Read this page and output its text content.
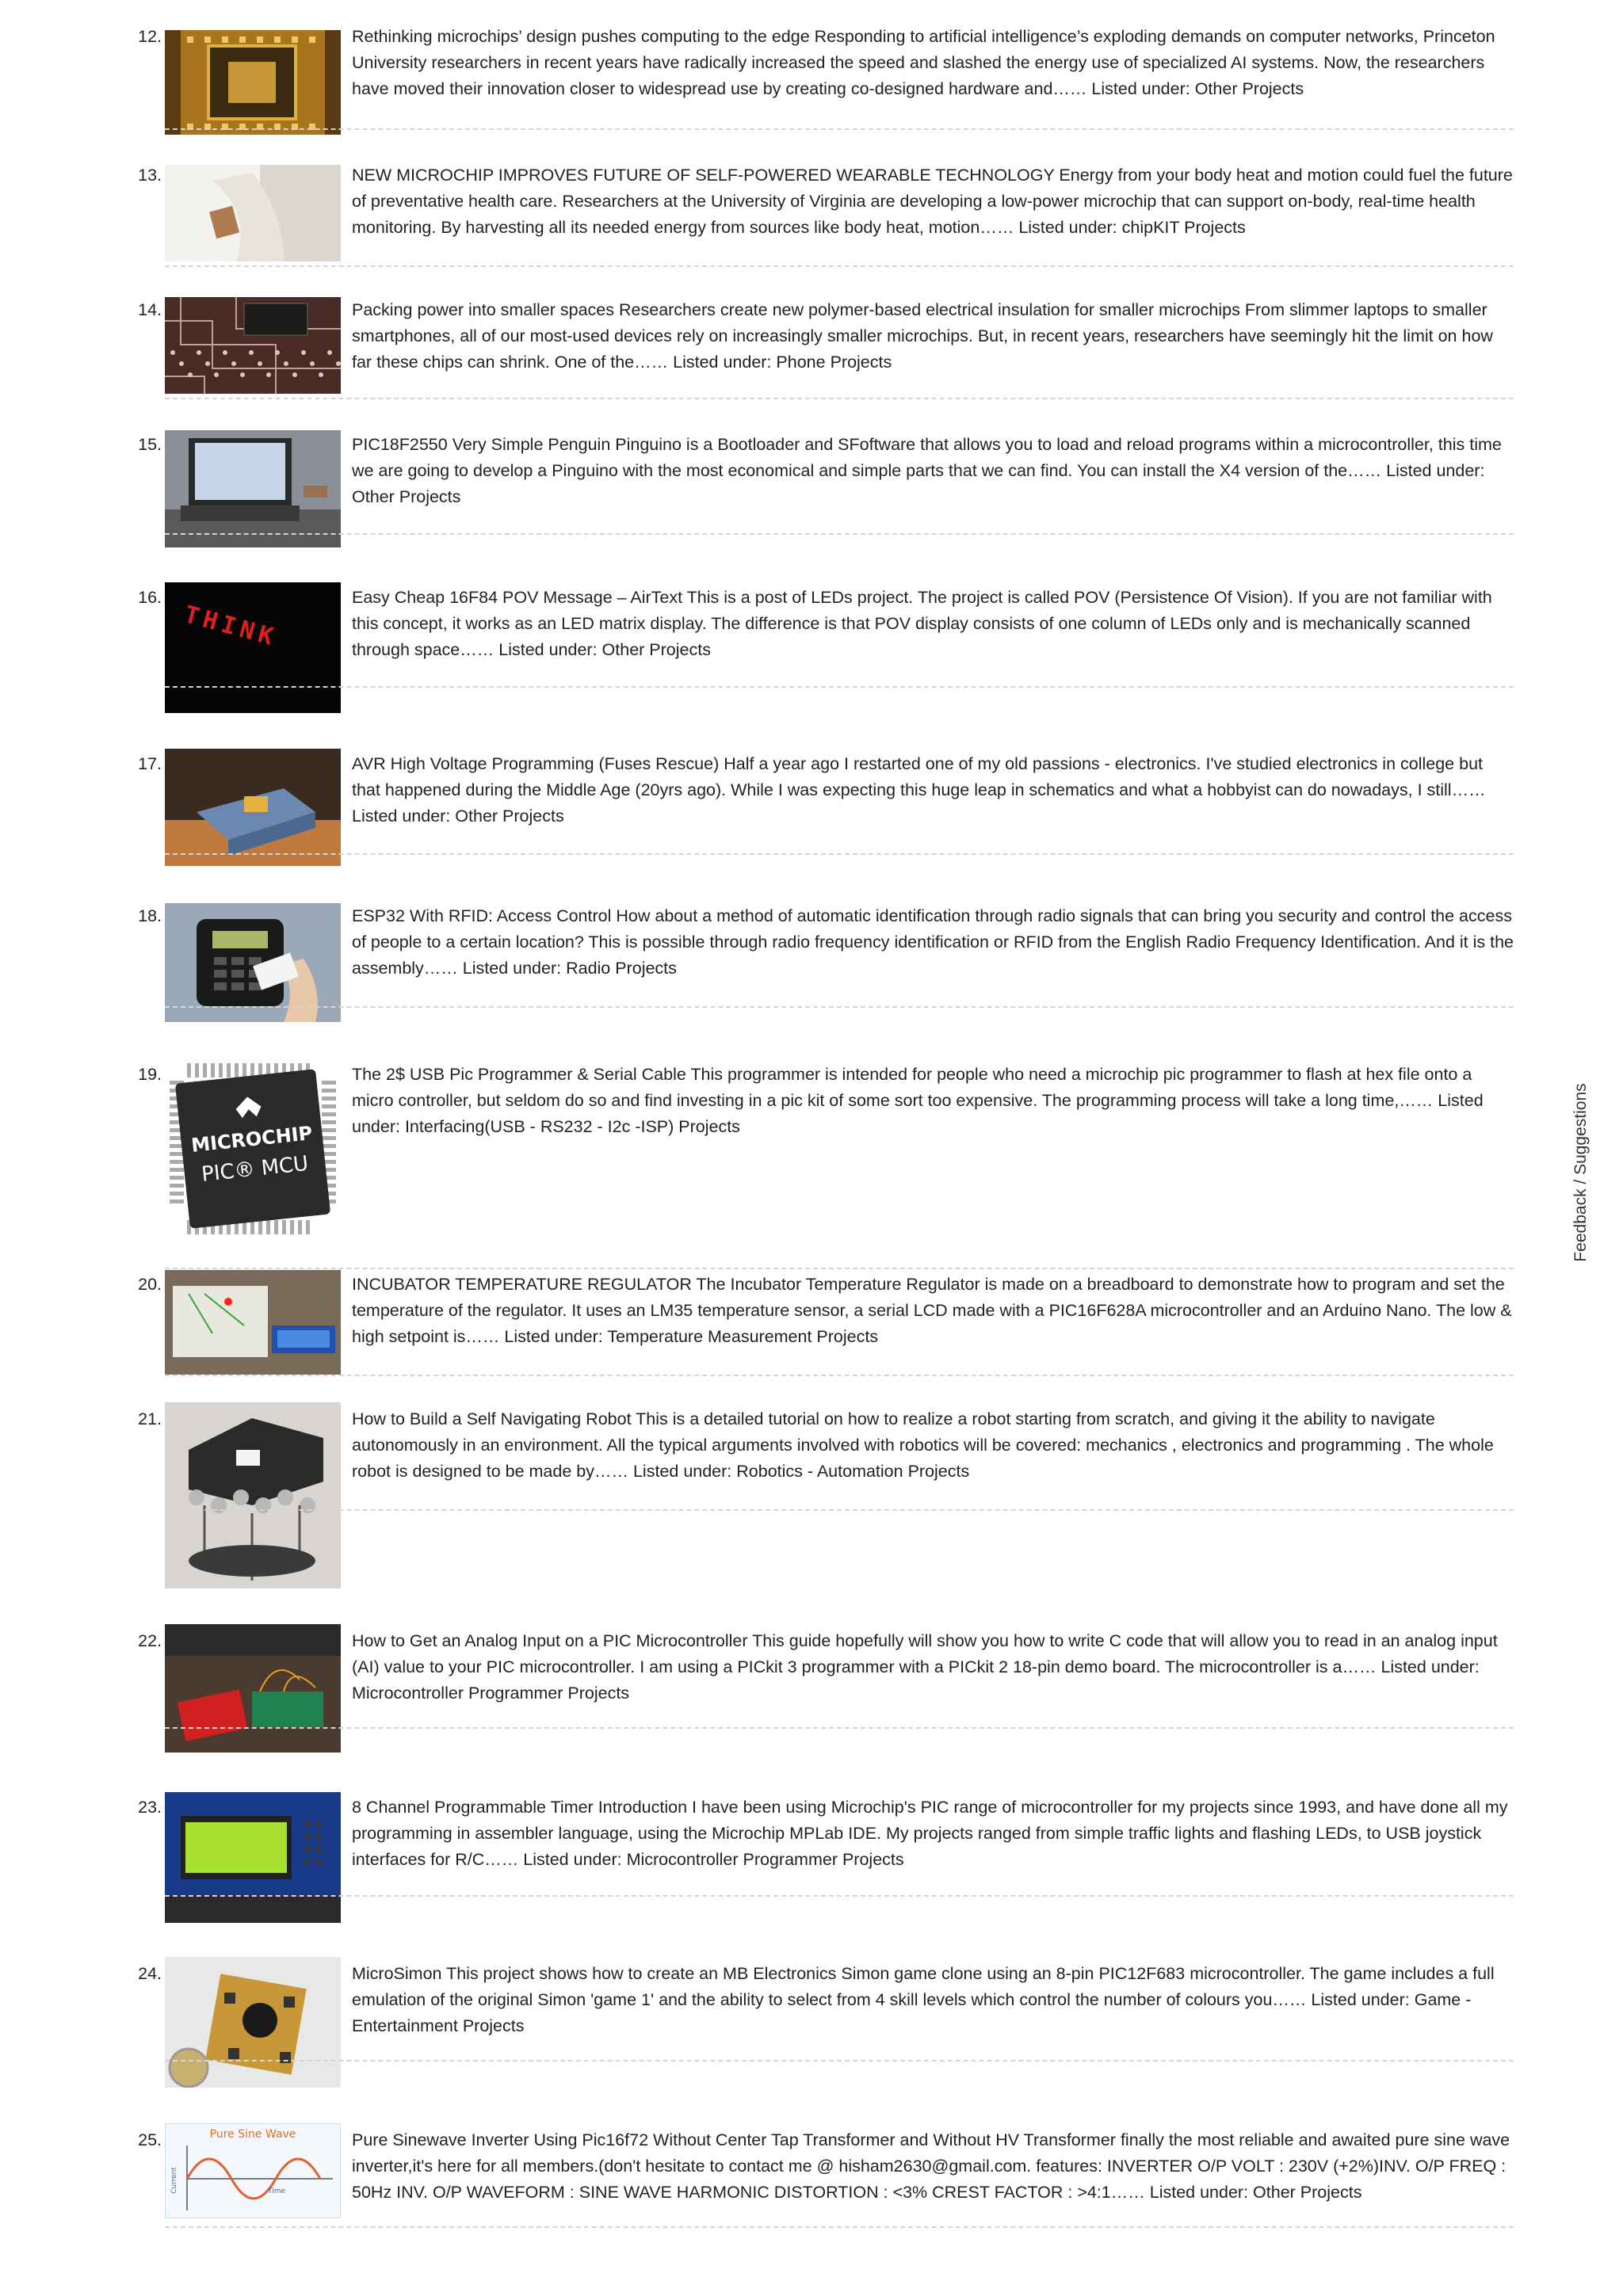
12.	Rethinking microchips’ design pushes computing to the edge Responding to artificial intelligence’s exploding demands on computer networks, Princeton University researchers in recent years have radically increased the speed and slashed the energy use of specialized AI systems. Now, the researchers have moved their innovation closer to widespread use by creating co-designed hardware and…… Listed under: Other Projects

13.	NEW MICROCHIP IMPROVES FUTURE OF SELF-POWERED WEARABLE TECHNOLOGY Energy from your body heat and motion could fuel the future of preventative health care. Researchers at the University of Virginia are developing a low-power microchip that can support on-body, real-time health monitoring. By harvesting all its needed energy from sources like body heat, motion…… Listed under: chipKIT Projects

14.	Packing power into smaller spaces Researchers create new polymer-based electrical insulation for smaller microchips From slimmer laptops to smaller smartphones, all of our most-used devices rely on increasingly smaller microchips. But, in recent years, researchers have seemingly hit the limit on how far these chips can shrink. One of the…… Listed under: Phone Projects

15.	PIC18F2550 Very Simple Penguin Pinguino is a Bootloader and SFoftware that allows you to load and reload programs within a microcontroller, this time we are going to develop a Pinguino with the most economical and simple parts that we can find. You can install the X4 version of the…… Listed under: Other Projects

16.
THINK

Easy Cheap 16F84 POV Message – AirText This is a post of LEDs project. The project is called POV (Persistence Of Vision). If you are not familiar with this concept, it works as an LED matrix display. The difference is that POV display consists of one column of LEDs only and is mechanically scanned through space…… Listed under: Other Projects

17.	AVR High Voltage Programming (Fuses Rescue) Half a year ago I restarted one of my old passions - electronics. I've studied electronics in college but that happened during the Middle Age (20yrs ago). While I was expecting this huge leap in schematics and what a hobbyist can do nowadays, I still…… Listed under: Other Projects

18.	ESP32 With RFID: Access Control How about a method of automatic identification through radio signals that can bring you security and control the access of people to a certain location? This is possible through radio frequency identification or RFID from the English Radio Frequency Identification. And it is the assembly…… Listed under: Radio Projects

19.
MICROCHIP
PIC® MCU

The 2$ USB Pic Programmer & Serial Cable This programmer is intended for people who need a microchip pic programmer to flash at hex file onto a micro controller, but seldom do so and find investing in a pic kit of some sort too expensive. The programming process will take a long time,…… Listed under: Interfacing(USB - RS232 - I2c -ISP) Projects

20.	INCUBATOR TEMPERATURE REGULATOR The Incubator Temperature Regulator is made on a breadboard to demonstrate how to program and set the temperature of the regulator. It uses an LM35 temperature sensor, a serial LCD made with a PIC16F628A microcontroller and an Arduino Nano. The low & high setpoint is…… Listed under: Temperature Measurement Projects

21.	How to Build a Self Navigating Robot This is a detailed tutorial on how to realize a robot starting from scratch, and giving it the ability to navigate autonomously in an environment. All the typical arguments involved with robotics will be covered: mechanics , electronics and programming . The whole robot is designed to be made by…… Listed under: Robotics - Automation Projects

22.	How to Get an Analog Input on a PIC Microcontroller This guide hopefully will show you how to write C code that will allow you to read in an analog input (AI) value to your PIC microcontroller. I am using a PICkit 3 programmer with a PICkit 2 18-pin demo board. The microcontroller is a…… Listed under: Microcontroller Programmer Projects

23.	8 Channel Programmable Timer Introduction I have been using Microchip's PIC range of microcontroller for my projects since 1993, and have done all my programming in assembler language, using the Microchip MPLab IDE. My projects ranged from simple traffic lights and flashing LEDs, to USB joystick interfaces for R/C…… Listed under: Microcontroller Programmer Projects

24.	MicroSimon This project shows how to create an MB Electronics Simon game clone using an 8-pin PIC12F683 microcontroller. The game includes a full emulation of the original Simon 'game 1' and the ability to select from 4 skill levels which control the number of colours you…… Listed under: Game - Entertainment Projects

25.	Pure Sine Wave
Current	Time

Pure Sinewave Inverter Using Pic16f72 Without Center Tap Transformer and Without HV Transformer finally the most reliable and awaited pure sine wave inverter,it's here for all members.(don't hesitate to contact me @ hisham2630@gmail.com. features: INVERTER O/P VOLT : 230V (+2%)INV. O/P FREQ : 50Hz INV. O/P WAVEFORM : SINE WAVE HARMONIC DISTORTION : <3% CREST FACTOR : >4:1…… Listed under: Other Projects

Feedback / Suggestions
